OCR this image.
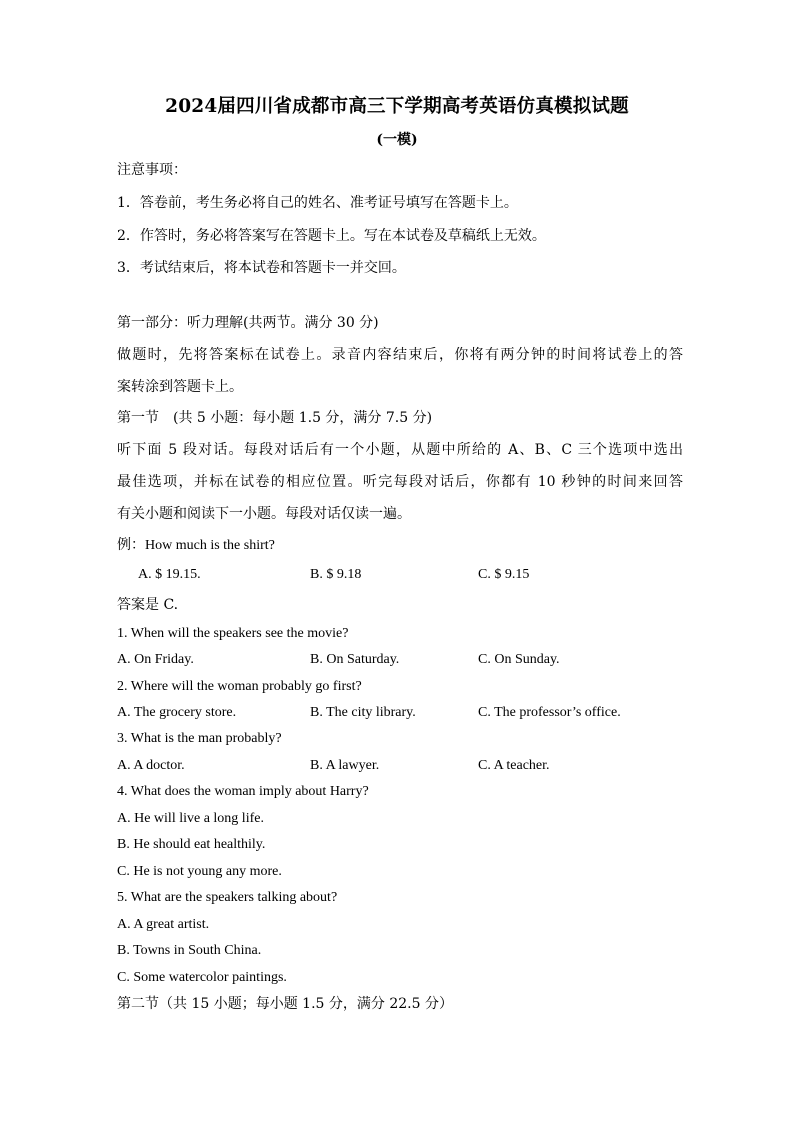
2024届四川省成都市高三下学期高考英语仿真模拟试题
(一模)
注意事项：
1．答卷前，考生务必将自己的姓名、准考证号填写在答题卡上。
2．作答时，务必将答案写在答题卡上。写在本试卷及草稿纸上无效。
3．考试结束后，将本试卷和答题卡一并交回。
第一部分：听力理解(共两节。满分 30 分)
做题时，先将答案标在试卷上。录音内容结束后，你将有两分钟的时间将试卷上的答
案转涂到答题卡上。
第一节　(共 5 小题：每小题 1.5 分，满分 7.5 分)
听下面 5 段对话。每段对话后有一个小题，从题中所给的 A、B、C 三个选项中选出
最佳选项，并标在试卷的相应位置。听完每段对话后，你都有 10 秒钟的时间来回答
有关小题和阅读下一小题。每段对话仅读一遍。
例：How much is the shirt?
A. $ 19.15.	B. $ 9.18	C. $ 9.15
答案是 C.
1. When will the speakers see the movie?
A. On Friday.	B. On Saturday.	C. On Sunday.
2. Where will the woman probably go first?
A. The grocery store.	B. The city library.	C. The professor’s office.
3. What is the man probably?
A. A doctor.	B. A lawyer.	C. A teacher.
4. What does the woman imply about Harry?
A. He will live a long life.
B. He should eat healthily.
C. He is not young any more.
5. What are the speakers talking about?
A. A great artist.
B. Towns in South China.
C. Some watercolor paintings.
第二节（共 15 小题；每小题 1.5 分，满分 22.5 分）
